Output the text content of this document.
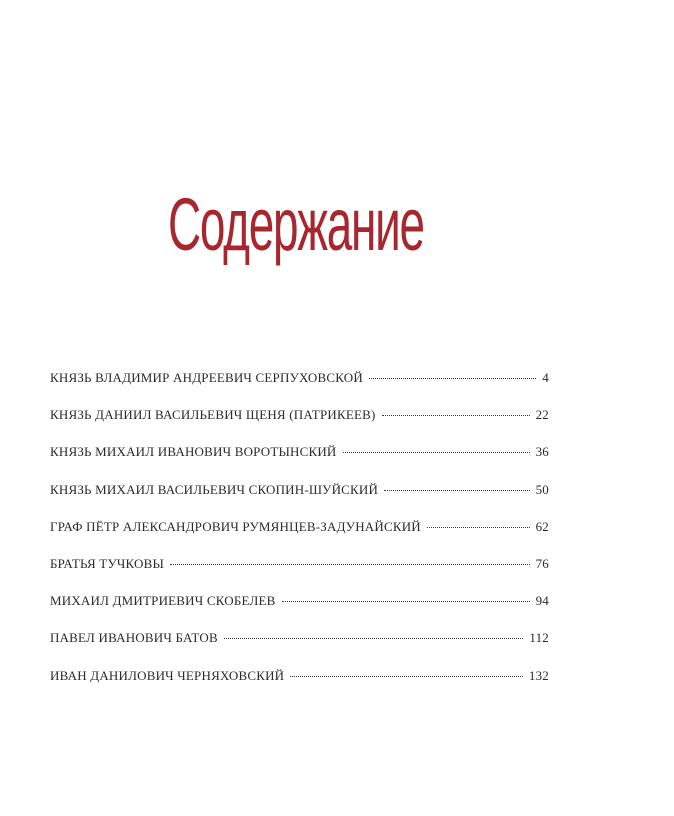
Содержание
КНЯЗЬ ВЛАДИМИР АНДРЕЕВИЧ СЕРПУХОВСКОЙ	4
КНЯЗЬ ДАНИИЛ ВАСИЛЬЕВИЧ ЩЕНЯ (ПАТРИКЕЕВ)	22
КНЯЗЬ МИХАИЛ ИВАНОВИЧ ВОРОТЫНСКИЙ	36
КНЯЗЬ МИХАИЛ ВАСИЛЬЕВИЧ СКОПИН-ШУЙСКИЙ	50
ГРАФ ПЁТР АЛЕКСАНДРОВИЧ РУМЯНЦЕВ-ЗАДУНАЙСКИЙ	62
БРАТЬЯ ТУЧКОВЫ	76
МИХАИЛ ДМИТРИЕВИЧ СКОБЕЛЕВ	94
ПАВЕЛ ИВАНОВИЧ БАТОВ	112
ИВАН ДАНИЛОВИЧ ЧЕРНЯХОВСКИЙ	132
